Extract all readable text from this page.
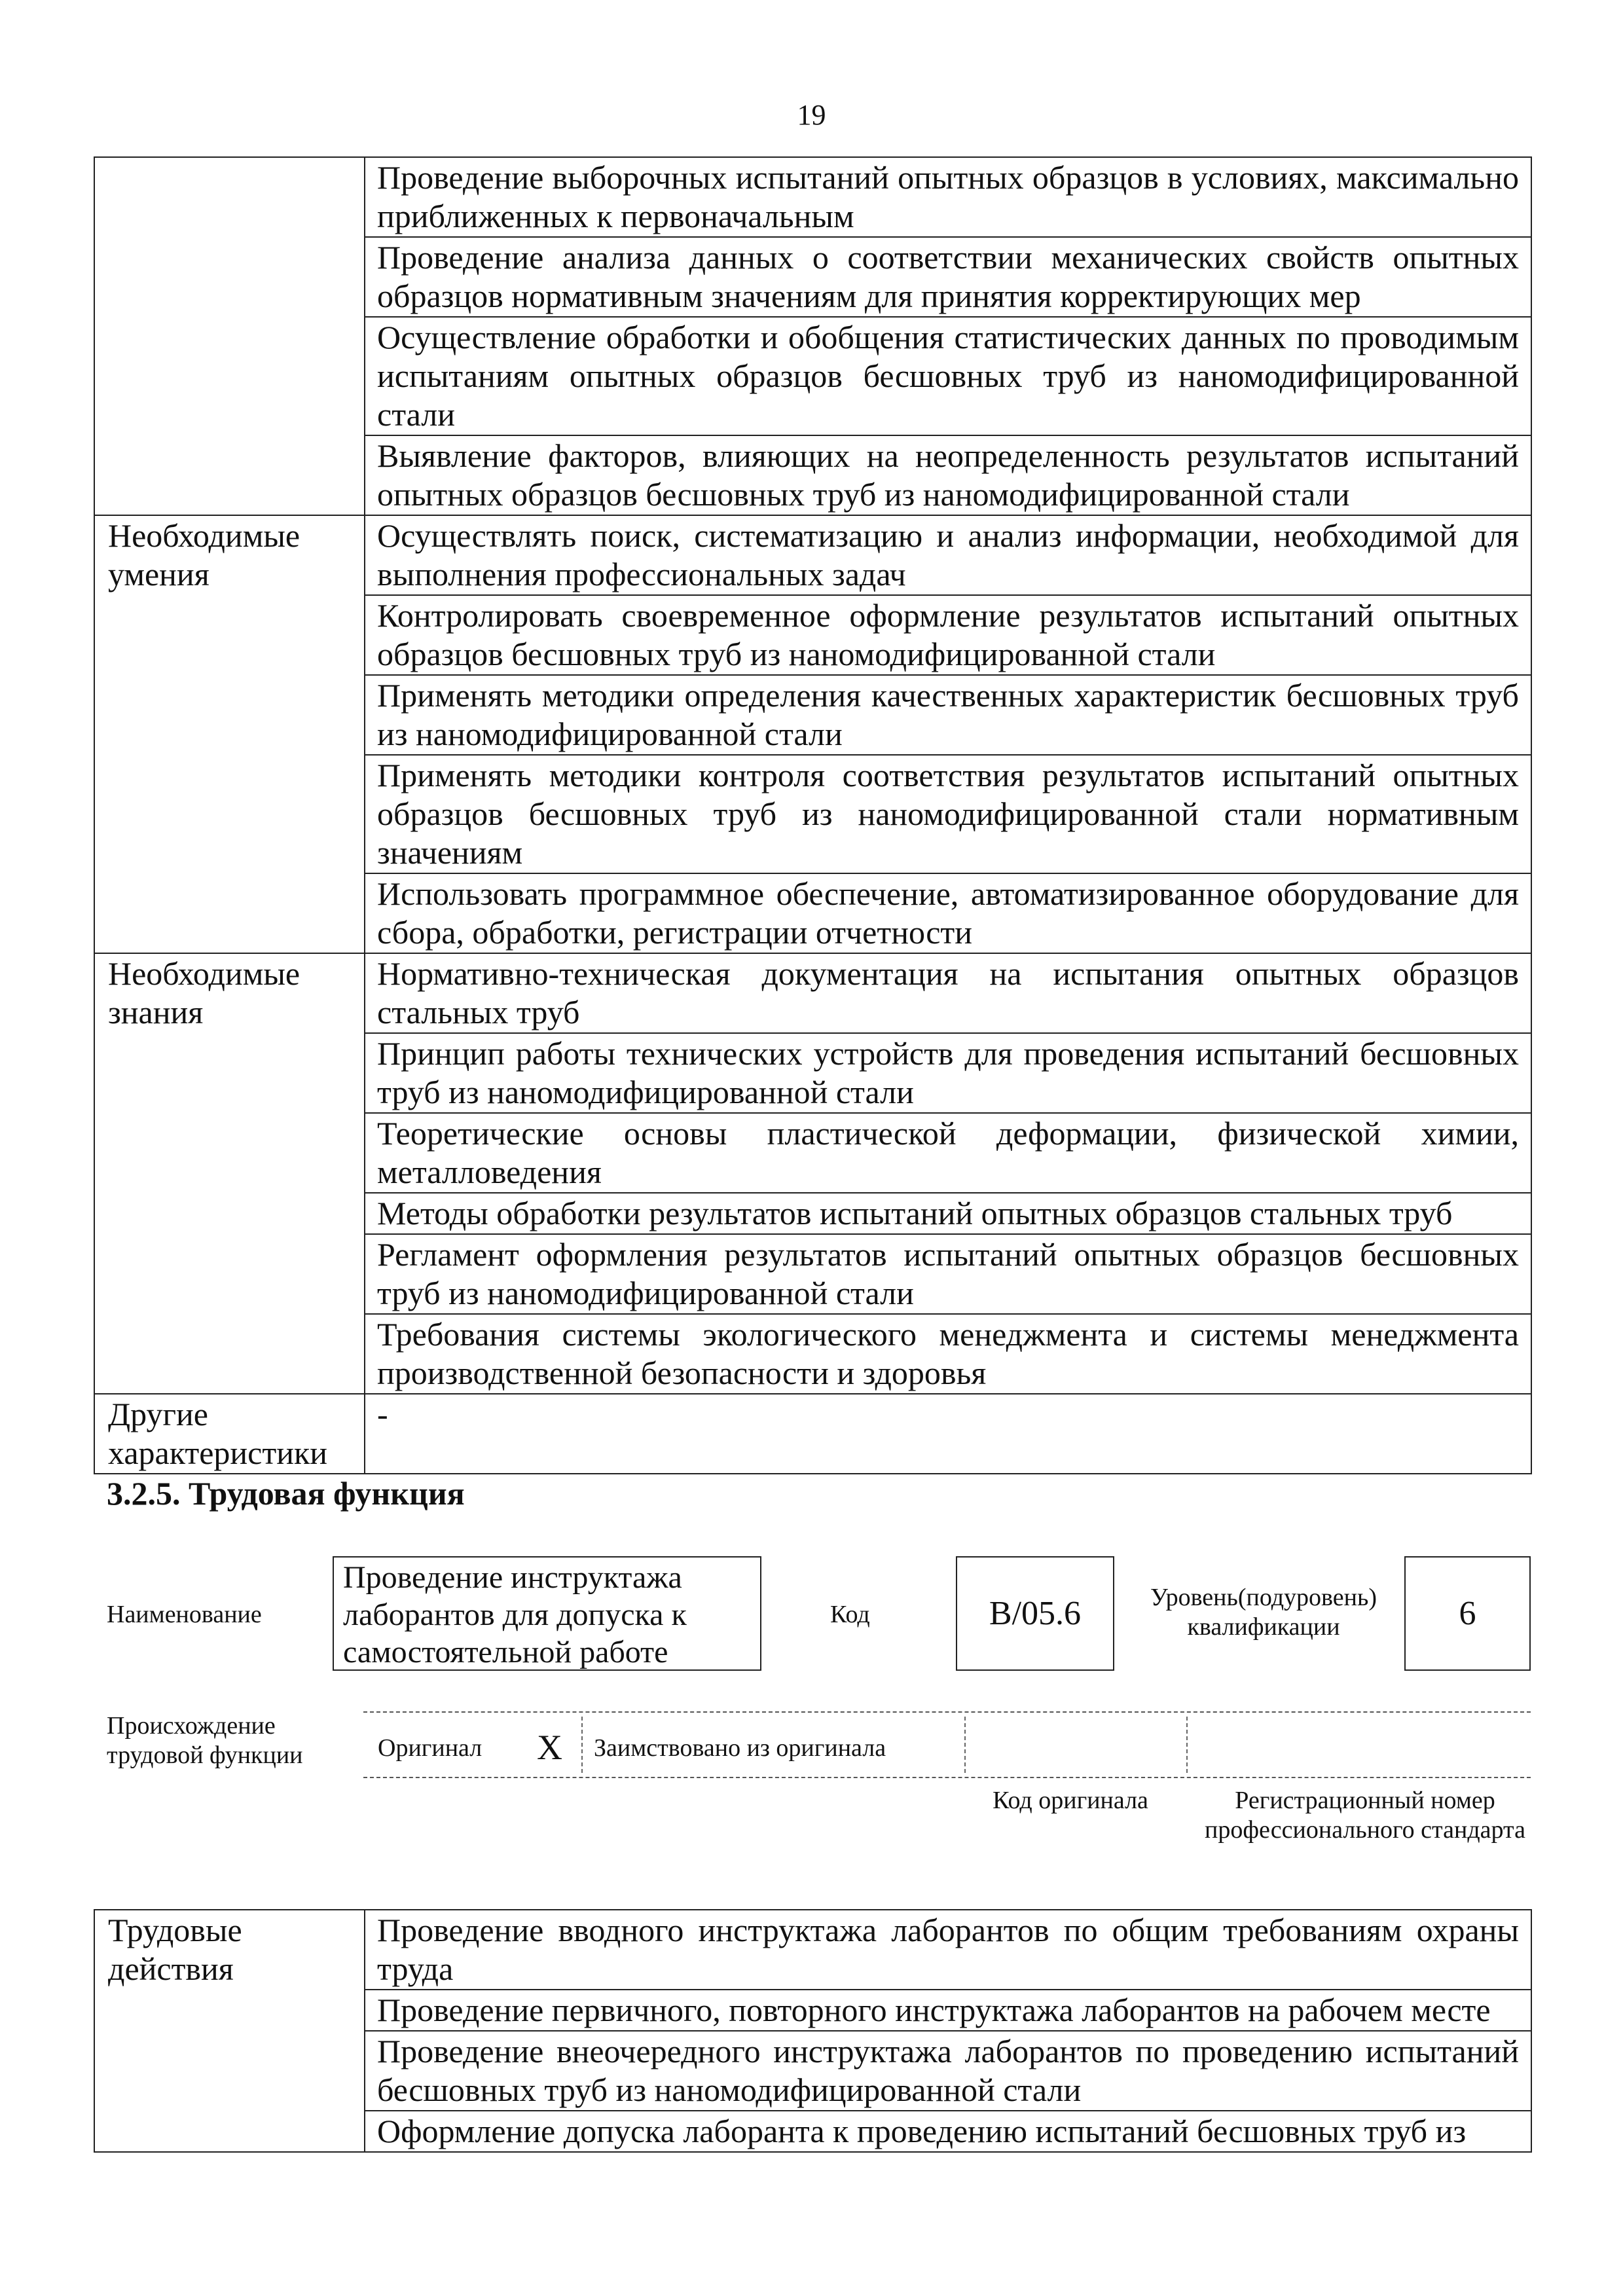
19
	Проведение выборочных испытаний опытных образцов в условиях, максимально приближенных к первоначальным
	Проведение анализа данных о соответствии механических свойств опытных образцов нормативным значениям для принятия корректирующих мер
	Осуществление обработки и обобщения статистических данных по проводимым испытаниям опытных образцов бесшовных труб из наномодифицированной стали
	Выявление факторов, влияющих на неопределенность результатов испытаний опытных образцов бесшовных труб из наномодифицированной стали
Необходимые умения	Осуществлять поиск, систематизацию и анализ информации, необходимой для выполнения профессиональных задач
	Контролировать своевременное оформление результатов испытаний опытных образцов бесшовных труб из наномодифицированной стали
	Применять методики определения качественных характеристик бесшовных труб из наномодифицированной стали
	Применять методики контроля соответствия результатов испытаний опытных образцов бесшовных труб из наномодифицированной стали нормативным значениям
	Использовать программное обеспечение, автоматизированное оборудование для сбора, обработки, регистрации отчетности
Необходимые знания	Нормативно-техническая документация на испытания опытных образцов стальных труб
	Принцип работы технических устройств для проведения испытаний бесшовных труб из наномодифицированной стали
	Теоретические основы пластической деформации, физической химии, металловедения
	Методы обработки результатов испытаний опытных образцов стальных труб
	Регламент оформления результатов испытаний опытных образцов бесшовных труб из наномодифицированной стали
	Требования системы экологического менеджмента и системы менеджмента производственной безопасности и здоровья
Другие характеристики	-
3.2.5. Трудовая функция
Наименование
Проведение инструктажа лаборантов для допуска к самостоятельной работе
Код	B/05.6	Уровень(подуровень) квалификации	6
Происхождение трудовой функции	Оригинал X Заимствовано из оригинала
Код оригинала	Регистрационный номер профессионального стандарта
Трудовые действия	Проведение вводного инструктажа лаборантов по общим требованиям охраны труда
Проведение первичного, повторного инструктажа лаборантов на рабочем месте
Проведение внеочередного инструктажа лаборантов по проведению испытаний бесшовных труб из наномодифицированной стали
Оформление допуска лаборанта к проведению испытаний бесшовных труб из
